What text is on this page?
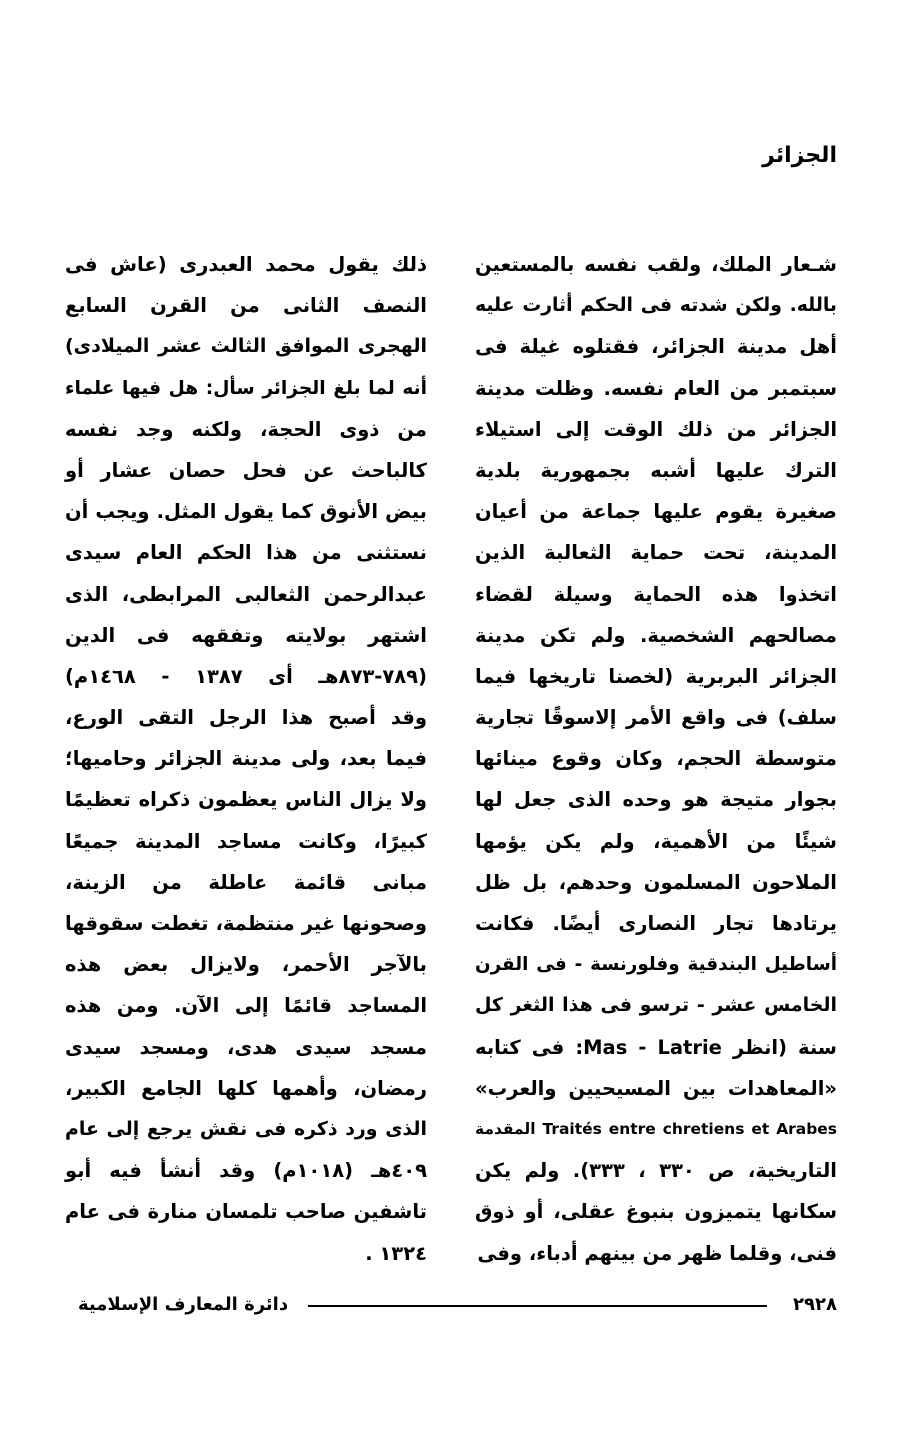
الجزائر
شـعار الملك، ولقب نفسه بالمستعين
بالله. ولكن شدته فى الحكم أثارت عليه
أهل مدينة الجزائر، فقتلوه غيلة فى
سبتمبر من العام نفسه. وظلت مدينة
الجزائر من ذلك الوقت إلى استيلاء
الترك عليها أشبه بجمهورية بلدية
صغيرة يقوم عليها جماعة من أعيان
المدينة، تحت حماية الثعالبة الذين
اتخذوا هذه الحماية وسيلة لقضاء
مصالحهم الشخصية. ولم تكن مدينة
الجزائر البربرية (لخصنا تاريخها فيما
سلف) فى واقع الأمر إلاسوقًا تجارية
متوسطة الحجم، وكان وقوع مينائها
بجوار متيجة هو وحده الذى جعل لها
شيئًا من الأهمية، ولم يكن يؤمها
الملاحون المسلمون وحدهم، بل ظل
يرتادها تجار النصارى أيضًا. فكانت
أساطيل البندقية وفلورنسة - فى القرن
الخامس عشر - ترسو فى هذا الثغر كل
سنة (انظر Mas - Latrie: فى كتابه
«المعاهدات بين المسيحيين والعرب»
Traités entre chretiens et Arabes المقدمة
التاريخية، ص ٣٣٠ ، ٣٣٣). ولم يكن
سكانها يتميزون بنبوغ عقلى، أو ذوق
فنى، وقلما ظهر من بينهم أدباء، وفى
ذلك يقول محمد العبدرى (عاش فى
النصف الثانى من القرن السابع
الهجرى الموافق الثالث عشر الميلادى)
أنه لما بلغ الجزائر سأل: هل فيها علماء
من ذوى الحجة، ولكنه وجد نفسه
كالباحث عن فحل حصان عشار أو
بيض الأنوق كما يقول المثل. ويجب أن
نستثنى من هذا الحكم العام سيدى
عبدالرحمن الثعالبى المرابطى، الذى
اشتهر بولايته وتفقهه فى الدين
(٧٨٩-٨٧٣هـ أى ١٣٨٧ - ١٤٦٨م)
وقد أصبح هذا الرجل التقى الورع،
فيما بعد، ولى مدينة الجزائر وحاميها؛
ولا يزال الناس يعظمون ذكراه تعظيمًا
كبيرًا، وكانت مساجد المدينة جميعًا
مبانى قائمة عاطلة من الزينة،
وصحونها غير منتظمة، تغطت سقوقها
بالآجر الأحمر، ولايزال بعض هذه
المساجد قائمًا إلى الآن. ومن هذه
مسجد سيدى هدى، ومسجد سيدى
رمضان، وأهمها كلها الجامع الكبير،
الذى ورد ذكره فى نقش يرجع إلى عام
٤٠٩هـ (١٠١٨م) وقد أنشأ فيه أبو
تاشفين صاحب تلمسان منارة فى عام
١٣٢٤ .
٢٩٢٨
دائرة المعارف الإسلامية
